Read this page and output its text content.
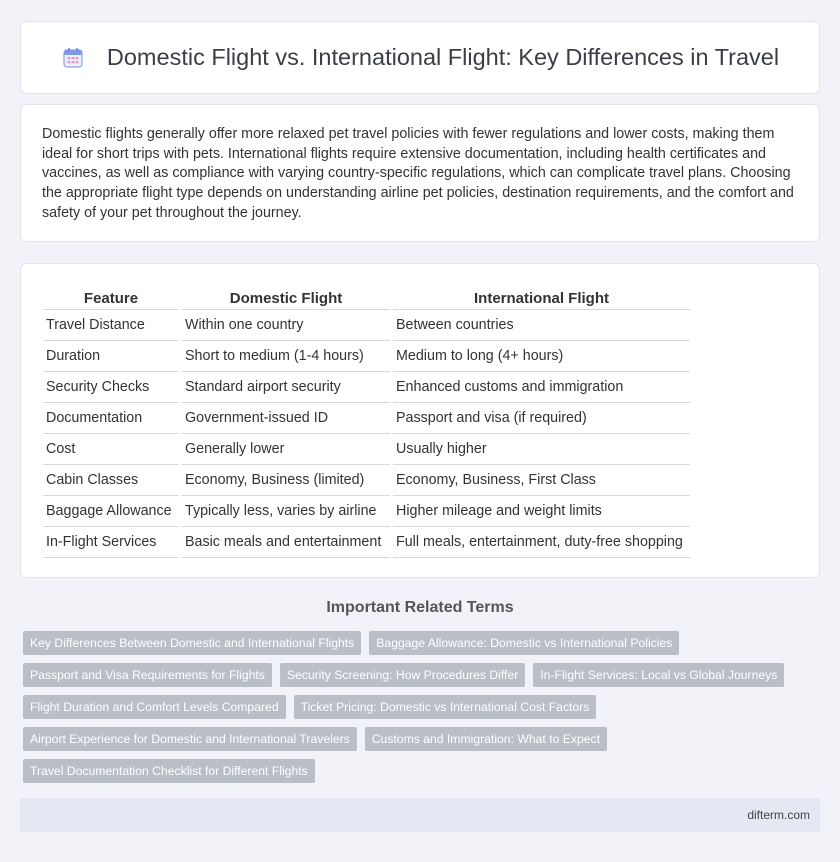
Domestic Flight vs. International Flight: Key Differences in Travel

Domestic flights generally offer more relaxed pet travel policies with fewer regulations and lower costs, making them ideal for short trips with pets. International flights require extensive documentation, including health certificates and vaccines, as well as compliance with varying country-specific regulations, which can complicate travel plans. Choosing the appropriate flight type depends on understanding airline pet policies, destination requirements, and the comfort and safety of your pet throughout the journey.

Feature	Domestic Flight	International Flight
Travel Distance	Within one country	Between countries
Duration	Short to medium (1-4 hours)	Medium to long (4+ hours)
Security Checks	Standard airport security	Enhanced customs and immigration
Documentation	Government-issued ID	Passport and visa (if required)
Cost	Generally lower	Usually higher
Cabin Classes	Economy, Business (limited)	Economy, Business, First Class
Baggage Allowance	Typically less, varies by airline	Higher mileage and weight limits
In-Flight Services	Basic meals and entertainment	Full meals, entertainment, duty-free shopping
Important Related Terms
Key Differences Between Domestic and International Flights	Baggage Allowance: Domestic vs International Policies
Passport and Visa Requirements for Flights	Security Screening: How Procedures Differ	In-Flight Services: Local vs Global Journeys
Flight Duration and Comfort Levels Compared	Ticket Pricing: Domestic vs International Cost Factors
Airport Experience for Domestic and International Travelers	Customs and Immigration: What to Expect
Travel Documentation Checklist for Different Flights
difterm.com
